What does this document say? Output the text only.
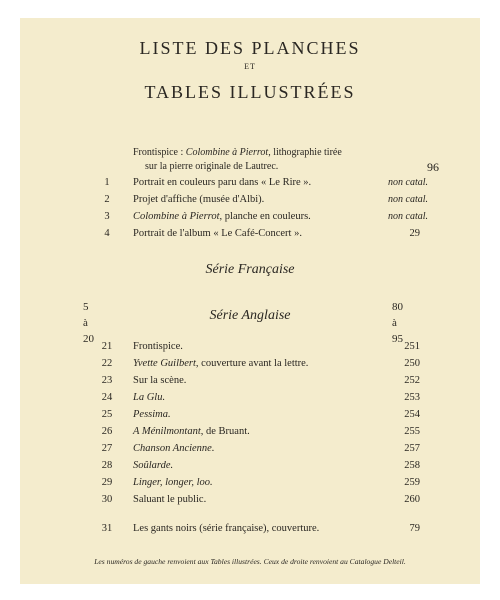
LISTE DES PLANCHES
ET
TABLES ILLUSTRÉES
Frontispice : Colombine à Pierrot, lithographie tirée
sur la pierre originale de Lautrec.	96
1	Portrait en couleurs paru dans « Le Rire ».	non catal.
2	Projet d'affiche (musée d'Albi).	non catal.
3	Colombine à Pierrot, planche en couleurs.	non catal.
4	Portrait de l'album « Le Café-Concert ».	29
Série Française
5 à 20
80 à 95
Série Anglaise
21 Frontispice.	251
22 Yvette Guilbert, couverture avant la lettre.	250
23 Sur la scène.	252
24 La Glu.	253
25 Pessima.	254
26 A Ménilmontant, de Bruant.	255
27 Chanson Ancienne.	257
28 Soûlarde.	258
29 Linger, longer, loo.	259
30 Saluant le public.	260
31 Les gants noirs (série française), couverture.	79
Les numéros de gauche renvoient aux Tables illustrées. Ceux de droite renvoient au Catalogue Delteil.
